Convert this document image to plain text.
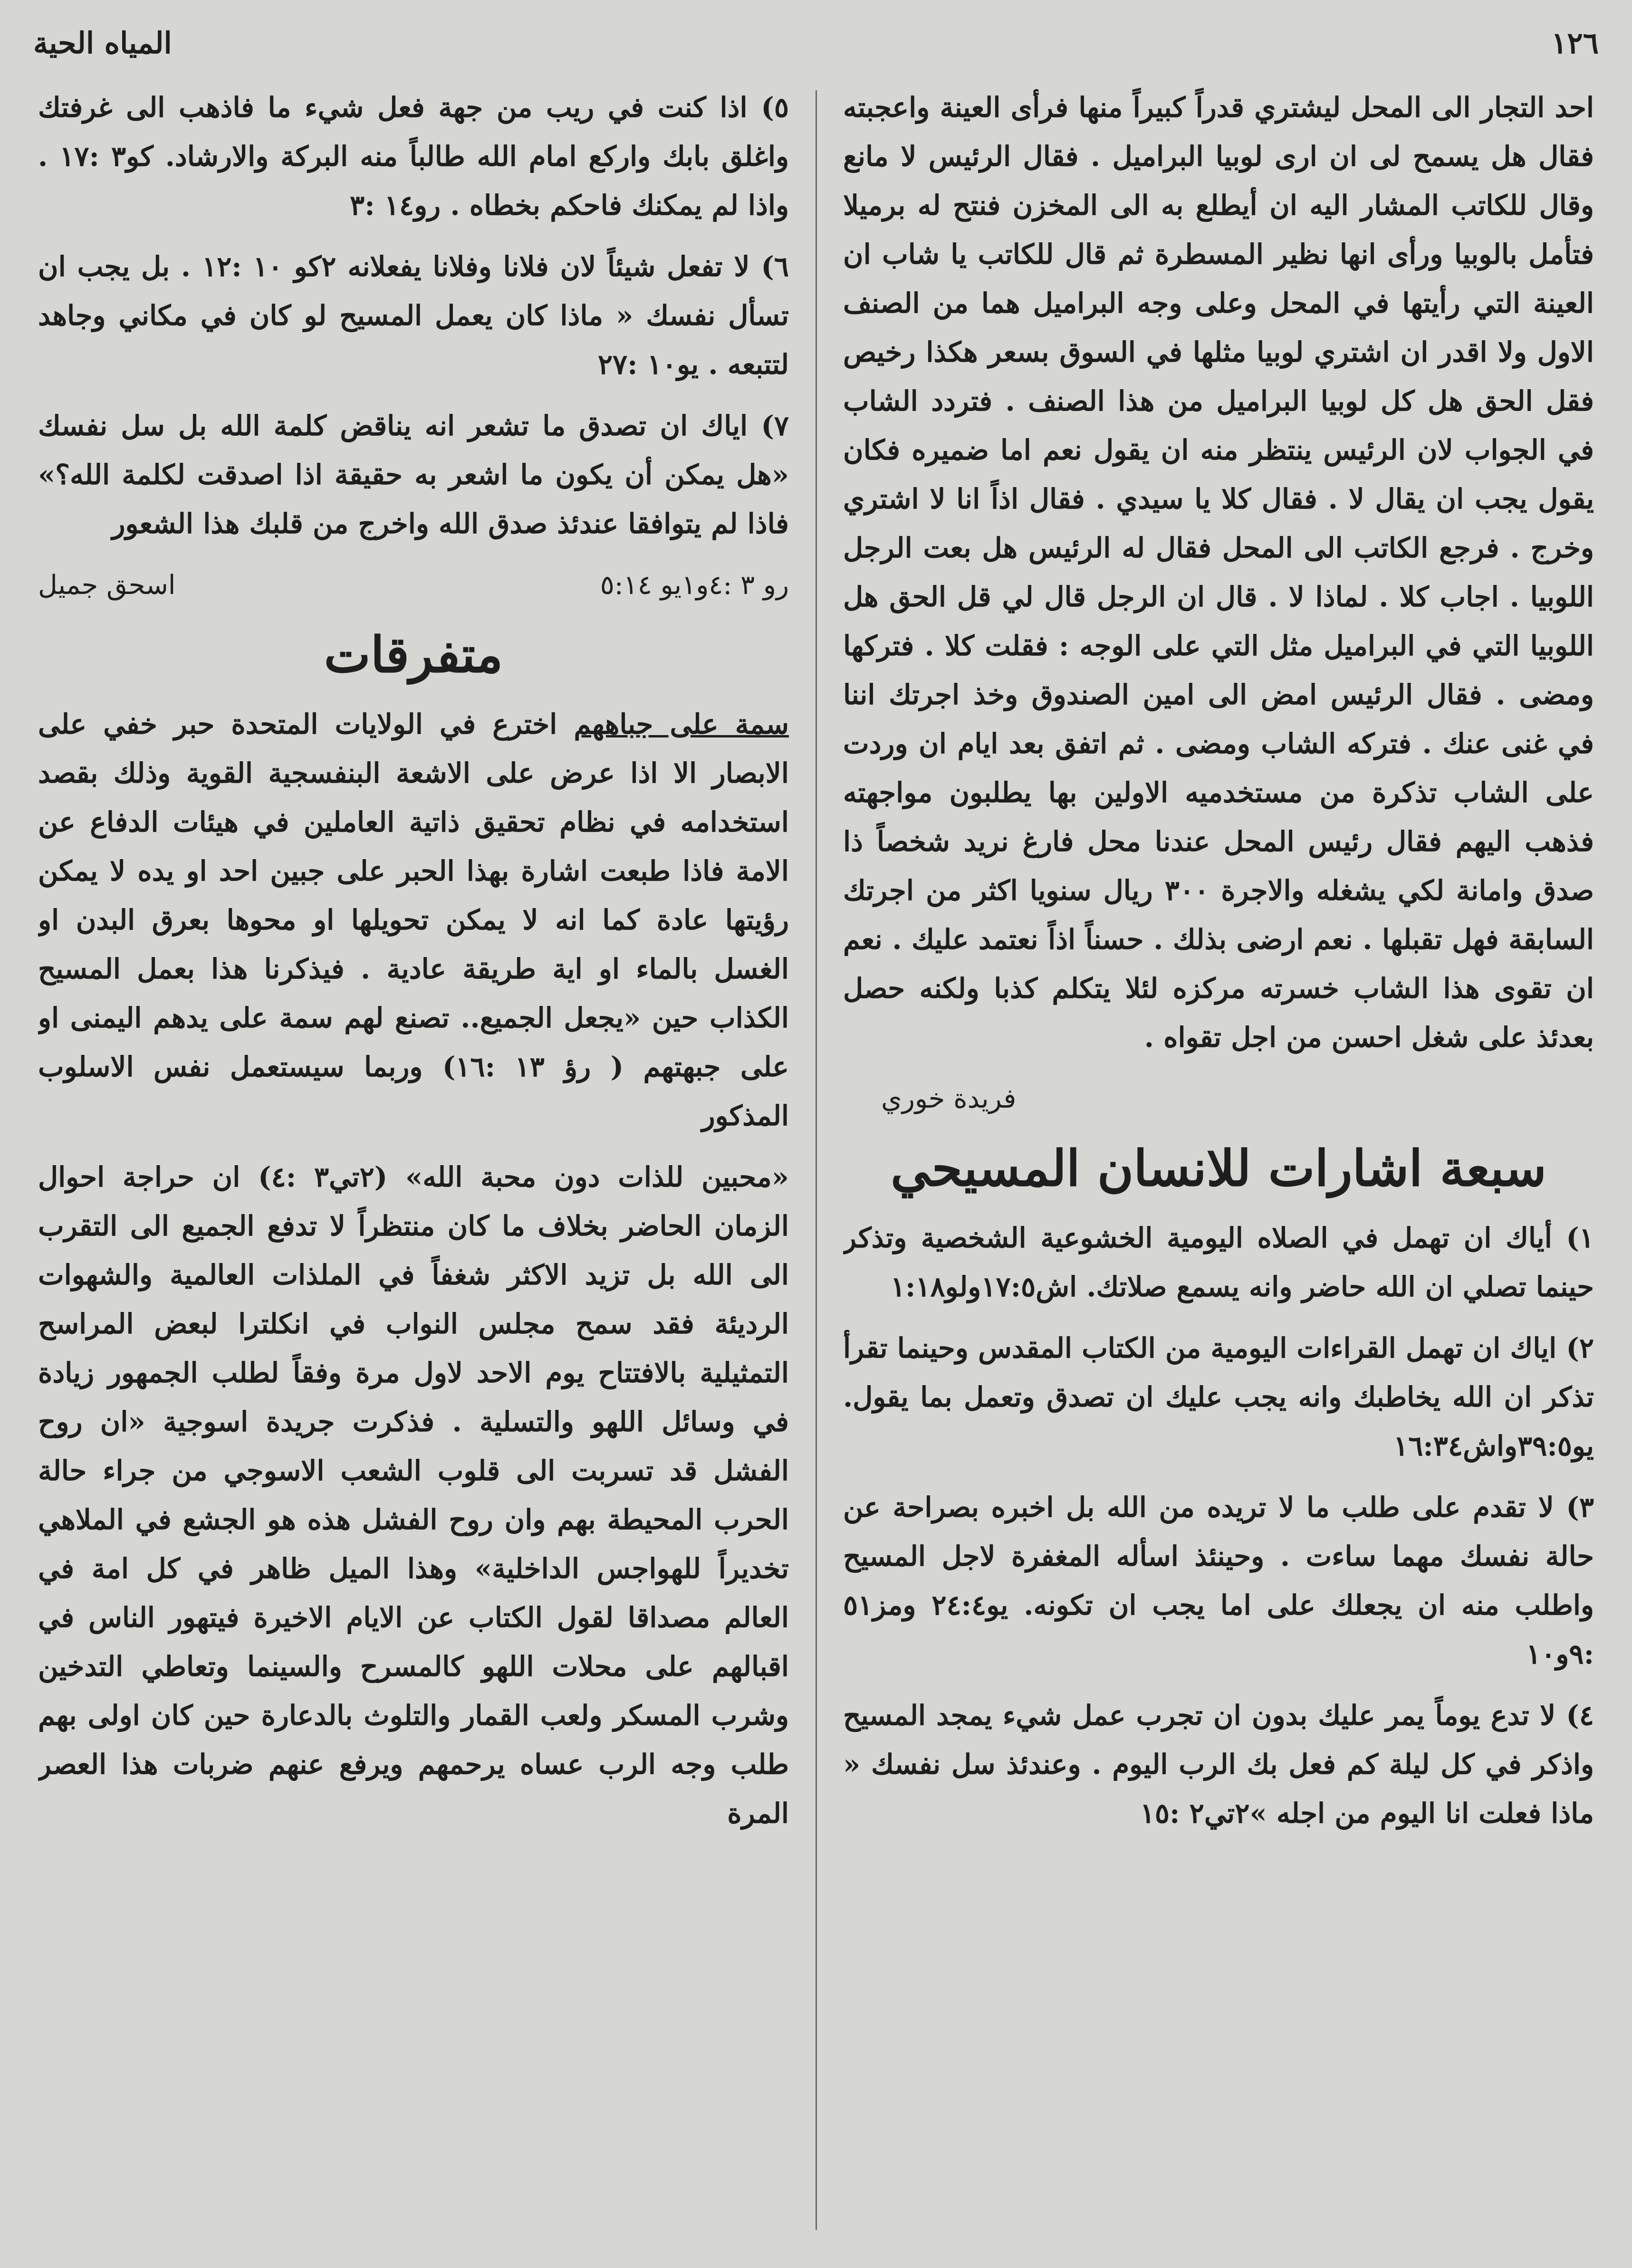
١٢٦
المياه الحية

احد التجار الى المحل ليشتري قدراً كبيراً منها فرأى العينة واعجبته فقال هل يسمح لى ان ارى لوبيا البراميل . فقال الرئيس لا مانع وقال للكاتب المشار اليه ان أيطلع به الى المخزن فنتح له برميلا فتأمل بالوبيا ورأى انها نظير المسطرة ثم قال للكاتب يا شاب ان العينة التي رأيتها في المحل وعلى وجه البراميل هما من الصنف الاول ولا اقدر ان اشتري لوبيا مثلها في السوق بسعر هكذا رخيص فقل الحق هل كل لوبيا البراميل من هذا الصنف . فتردد الشاب في الجواب لان الرئيس ينتظر منه ان يقول نعم اما ضميره فكان يقول يجب ان يقال لا . فقال كلا يا سيدي . فقال اذاً انا لا اشتري وخرج . فرجع الكاتب الى المحل فقال له الرئيس هل بعت الرجل اللوبيا . اجاب كلا . لماذا لا . قال ان الرجل قال لي قل الحق هل اللوبيا التي في البراميل مثل التي على الوجه : فقلت كلا . فتركها ومضى . فقال الرئيس امض الى امين الصندوق وخذ اجرتك اننا في غنى عنك . فتركه الشاب ومضى . ثم اتفق بعد ايام ان وردت على الشاب تذكرة من مستخدميه الاولين بها يطلبون مواجهته فذهب اليهم فقال رئيس المحل عندنا محل فارغ نريد شخصاً ذا صدق وامانة لكي يشغله والاجرة ٣٠٠ ريال سنويا اكثر من اجرتك السابقة فهل تقبلها . نعم ارضى بذلك . حسناً اذاً نعتمد عليك . نعم ان تقوى هذا الشاب خسرته مركزه لئلا يتكلم كذبا ولكنه حصل بعدئذ على شغل احسن من اجل تقواه .

فريدة خوري
سبعة اشارات للانسان المسيحي

١) أياك ان تهمل في الصلاه اليومية الخشوعية الشخصية وتذكر حينما تصلي ان الله حاضر وانه يسمع صلاتك. اش١٧:٥ولو١:١٨

٢) اياك ان تهمل القراءات اليومية من الكتاب المقدس وحينما تقرأ تذكر ان الله يخاطبك وانه يجب عليك ان تصدق وتعمل بما يقول. يو٣٩:٥واش١٦:٣٤

٣) لا تقدم على طلب ما لا تريده من الله بل اخبره بصراحة عن حالة نفسك مهما ساءت . وحينئذ اسأله المغفرة لاجل المسيح واطلب منه ان يجعلك على اما يجب ان تكونه. يو٢٤:٤ ومز٥١ :٩و١٠

٤) لا تدع يوماً يمر عليك بدون ان تجرب عمل شيء يمجد المسيح واذكر في كل ليلة كم فعل بك الرب اليوم . وعندئذ سل نفسك « ماذا فعلت انا اليوم من اجله »٢تي٢ :١٥

٥) اذا كنت في ريب من جهة فعل شيء ما فاذهب الى غرفتك واغلق بابك واركع امام الله طالباً منه البركة والارشاد. كو٣ :١٧ . واذا لم يمكنك فاحكم بخطاه . رو١٤ :٣

٦) لا تفعل شيئاً لان فلانا وفلانا يفعلانه ٢كو ١٠ :١٢ . بل يجب ان تسأل نفسك « ماذا كان يعمل المسيح لو كان في مكاني وجاهد لتتبعه . يو١٠ :٢٧

٧) اياك ان تصدق ما تشعر انه يناقض كلمة الله بل سل نفسك «هل يمكن أن يكون ما اشعر به حقيقة اذا اصدقت لكلمة الله؟» فاذا لم يتوافقا عندئذ صدق الله واخرج من قلبك هذا الشعور

رو ٣ :٤و١يو ٥:١٤
اسحق جميل
متفرقات

سمة على جباههم اخترع في الولايات المتحدة حبر خفي على الابصار الا اذا عرض على الاشعة البنفسجية القوية وذلك بقصد استخدامه في نظام تحقيق ذاتية العاملين في هيئات الدفاع عن الامة فاذا طبعت اشارة بهذا الحبر على جبين احد او يده لا يمكن رؤيتها عادة كما انه لا يمكن تحويلها او محوها بعرق البدن او الغسل بالماء او اية طريقة عادية . فيذكرنا هذا بعمل المسيح الكذاب حين «يجعل الجميع.. تصنع لهم سمة على يدهم اليمنى او على جبهتهم ( رؤ ١٣ :١٦) وربما سيستعمل نفس الاسلوب المذكور

«محبين للذات دون محبة الله» (٢تي٣ :٤) ان حراجة احوال الزمان الحاضر بخلاف ما كان منتظراً لا تدفع الجميع الى التقرب الى الله بل تزيد الاكثر شغفاً في الملذات العالمية والشهوات الرديئة فقد سمح مجلس النواب في انكلترا لبعض المراسح التمثيلية بالافتتاح يوم الاحد لاول مرة وفقاً لطلب الجمهور زيادة في وسائل اللهو والتسلية . فذكرت جريدة اسوجية «ان روح الفشل قد تسربت الى قلوب الشعب الاسوجي من جراء حالة الحرب المحيطة بهم وان روح الفشل هذه هو الجشع في الملاهي تخديراً للهواجس الداخلية» وهذا الميل ظاهر في كل امة في العالم مصداقا لقول الكتاب عن الايام الاخيرة فيتهور الناس في اقبالهم على محلات اللهو كالمسرح والسينما وتعاطي التدخين وشرب المسكر ولعب القمار والتلوث بالدعارة حين كان اولى بهم طلب وجه الرب عساه يرحمهم ويرفع عنهم ضربات هذا العصر المرة
